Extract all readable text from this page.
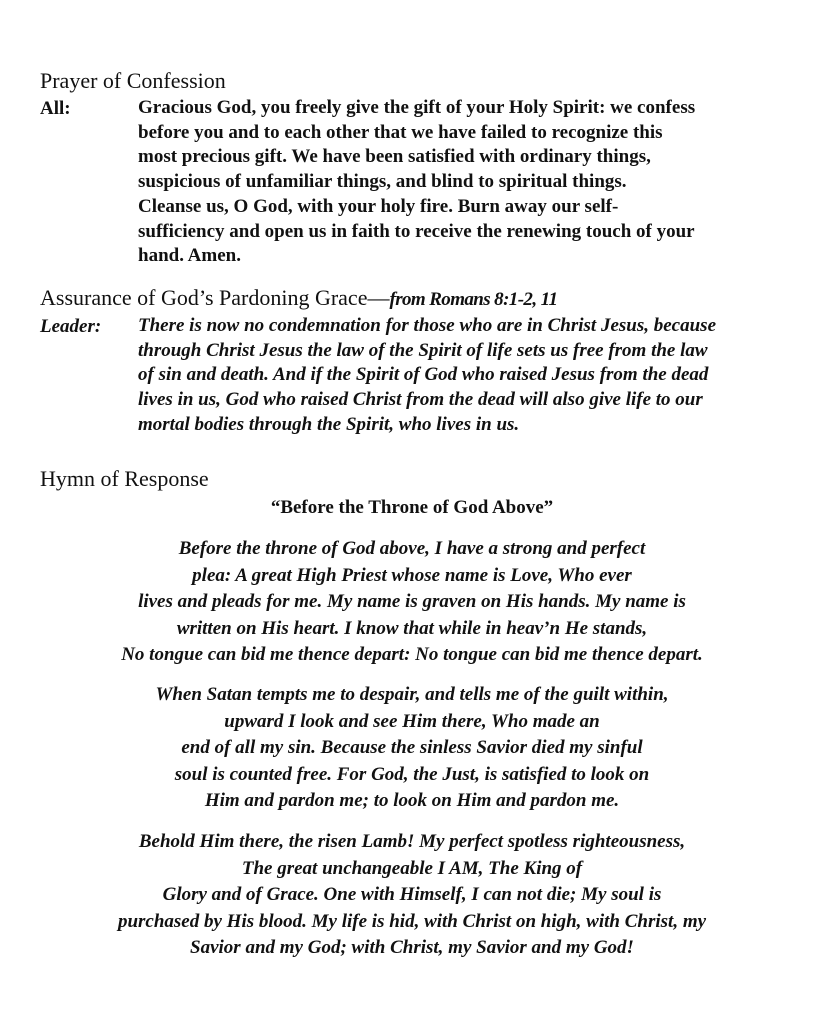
Prayer of Confession
All:	Gracious God, you freely give the gift of your Holy Spirit: we confess
before you and to each other that we have failed to recognize this
most precious gift. We have been satisfied with ordinary things,
suspicious of unfamiliar things, and blind to spiritual things.
Cleanse us, O God, with your holy fire. Burn away our self-
sufficiency and open us in faith to receive the renewing touch of your
hand. Amen.
Assurance of God’s Pardoning Grace—from Romans 8:1-2, 11
Leader: There is now no condemnation for those who are in Christ Jesus, because
through Christ Jesus the law of the Spirit of life sets us free from the law
of sin and death. And if the Spirit of God who raised Jesus from the dead
lives in us, God who raised Christ from the dead will also give life to our
mortal bodies through the Spirit, who lives in us.
Hymn of Response
“Before the Throne of God Above”
Before the throne of God above, I have a strong and perfect
plea: A great High Priest whose name is Love, Who ever
lives and pleads for me. My name is graven on His hands. My name is
written on His heart. I know that while in heav’n He stands,
No tongue can bid me thence depart: No tongue can bid me thence depart.
When Satan tempts me to despair, and tells me of the guilt within,
upward I look and see Him there, Who made an
end of all my sin. Because the sinless Savior died my sinful
soul is counted free. For God, the Just, is satisfied to look on
Him and pardon me; to look on Him and pardon me.
Behold Him there, the risen Lamb! My perfect spotless righteousness,
The great unchangeable I AM, The King of
Glory and of Grace. One with Himself, I can not die; My soul is
purchased by His blood. My life is hid, with Christ on high, with Christ, my
Savior and my God; with Christ, my Savior and my God!
